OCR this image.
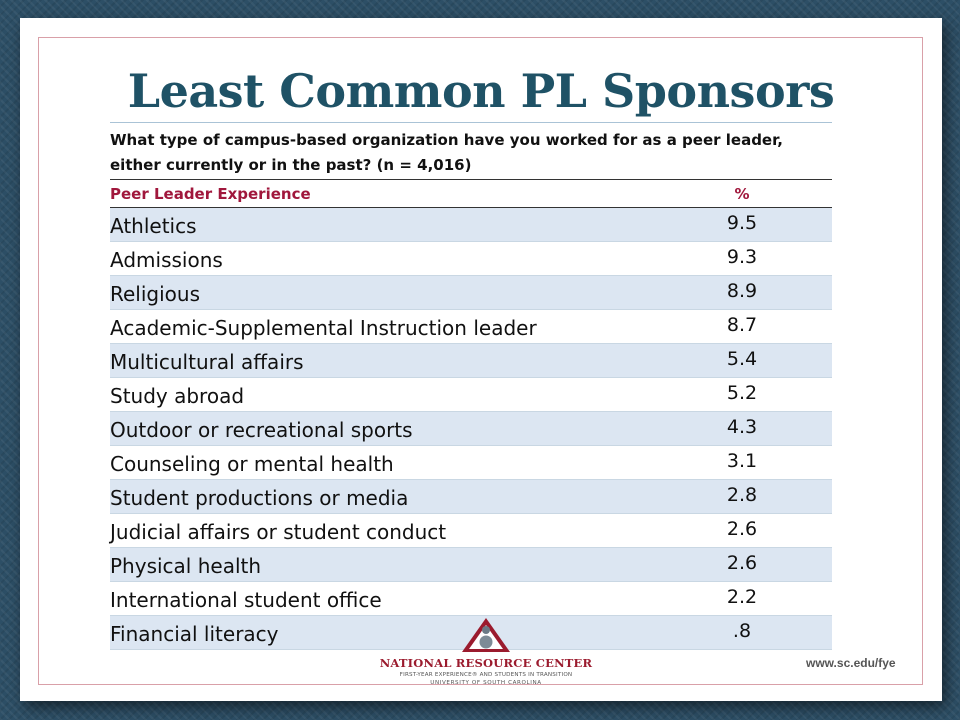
Least Common PL Sponsors
What type of campus-based organization have you worked for as a peer leader, either currently or in the past? (n = 4,016)
Peer Leader Experience	%
Athletics	9.5
Admissions	9.3
Religious	8.9
Academic-Supplemental Instruction leader	8.7
Multicultural affairs	5.4
Study abroad	5.2
Outdoor or recreational sports	4.3
Counseling or mental health	3.1
Student productions or media	2.8
Judicial affairs or student conduct	2.6
Physical health	2.6
International student office	2.2
Financial literacy	.8
NATIONAL RESOURCE CENTER
FIRST-YEAR EXPERIENCE® AND STUDENTS IN TRANSITION
UNIVERSITY OF SOUTH CAROLINA
www.sc.edu/fye
